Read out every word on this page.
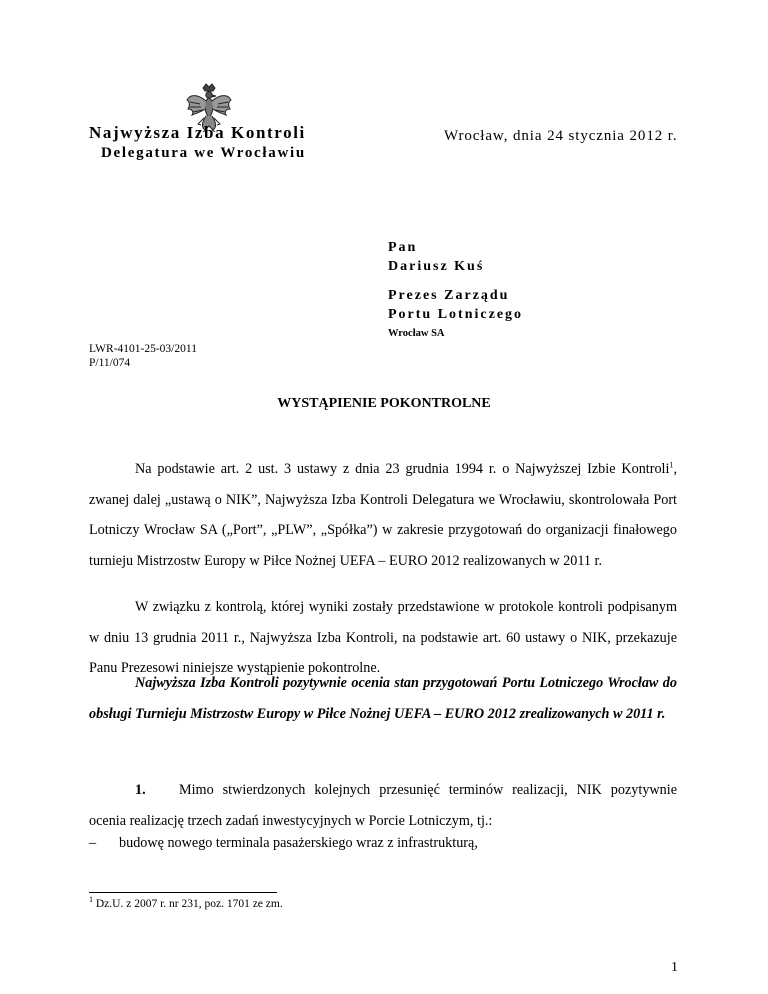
Najwyższa Izba Kontroli
Delegatura we Wrocławiu
Wrocław, dnia 24 stycznia 2012 r.
Pan
Dariusz Kuś
Prezes Zarządu
Portu Lotniczego
Wrocław SA
LWR-4101-25-03/2011
P/11/074
WYSTĄPIENIE POKONTROLNE
Na podstawie art. 2 ust. 3 ustawy z dnia 23 grudnia 1994 r. o Najwyższej Izbie Kontroli$^1$, zwanej dalej „ustawą o NIK”, Najwyższa Izba Kontroli Delegatura we Wrocławiu, skontrolowała Port Lotniczy Wrocław SA („Port”, „PLW”, „Spółka”) w zakresie przygotowań do organizacji finałowego turnieju Mistrzostw Europy w Piłce Nożnej UEFA – EURO 2012 realizowanych w 2011 r.
W związku z kontrolą, której wyniki zostały przedstawione w protokole kontroli podpisanym w dniu 13 grudnia 2011 r., Najwyższa Izba Kontroli, na podstawie art. 60 ustawy o NIK, przekazuje Panu Prezesowi niniejsze wystąpienie pokontrolne.
Najwyższa Izba Kontroli pozytywnie ocenia stan przygotowań Portu Lotniczego Wrocław do obsługi Turnieju Mistrzostw Europy w Piłce Nożnej UEFA – EURO 2012 zrealizowanych w 2011 r.
1. Mimo stwierdzonych kolejnych przesunięć terminów realizacji, NIK pozytywnie ocenia realizację trzech zadań inwestycyjnych w Porcie Lotniczym, tj.:
– budowę nowego terminala pasażerskiego wraz z infrastrukturą,
$^1$ Dz.U. z 2007 r. nr 231, poz. 1701 ze zm.
1
